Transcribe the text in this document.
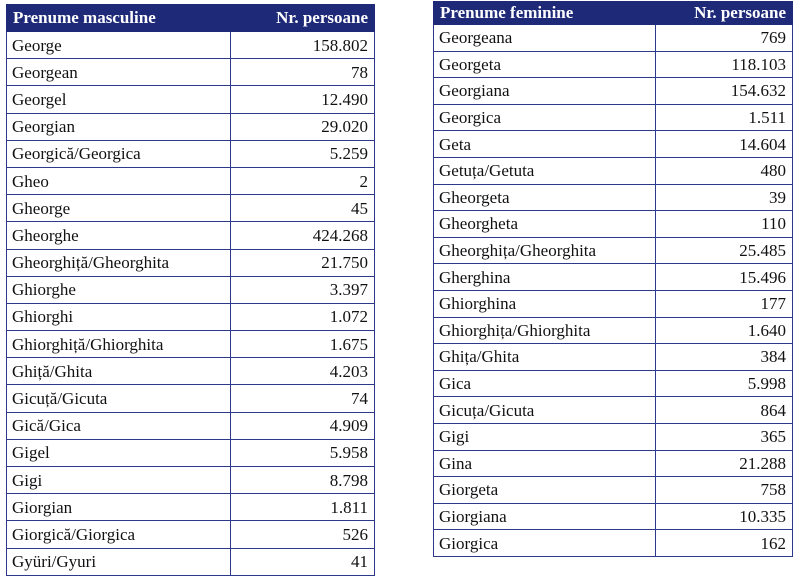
Prenume masculine	Nr. persoane
George	158.802
Georgean	78
Georgel	12.490
Georgian	29.020
Georgică/Georgica	5.259
Gheo	2
Gheorge	45
Gheorghe	424.268
Gheorghiță/Gheorghita	21.750
Ghiorghe	3.397
Ghiorghi	1.072
Ghiorghiță/Ghiorghita	1.675
Ghiță/Ghita	4.203
Gicuță/Gicuta	74
Gică/Gica	4.909
Gigel	5.958
Gigi	8.798
Giorgian	1.811
Giorgică/Giorgica	526
Gyüri/Gyuri	41
Prenume feminine	Nr. persoane
Georgeana	769
Georgeta	118.103
Georgiana	154.632
Georgica	1.511
Geta	14.604
Getuța/Getuta	480
Gheorgeta	39
Gheorgheta	110
Gheorghița/Gheorghita	25.485
Gherghina	15.496
Ghiorghina	177
Ghiorghița/Ghiorghita	1.640
Ghița/Ghita	384
Gica	5.998
Gicuța/Gicuta	864
Gigi	365
Gina	21.288
Giorgeta	758
Giorgiana	10.335
Giorgica	162
